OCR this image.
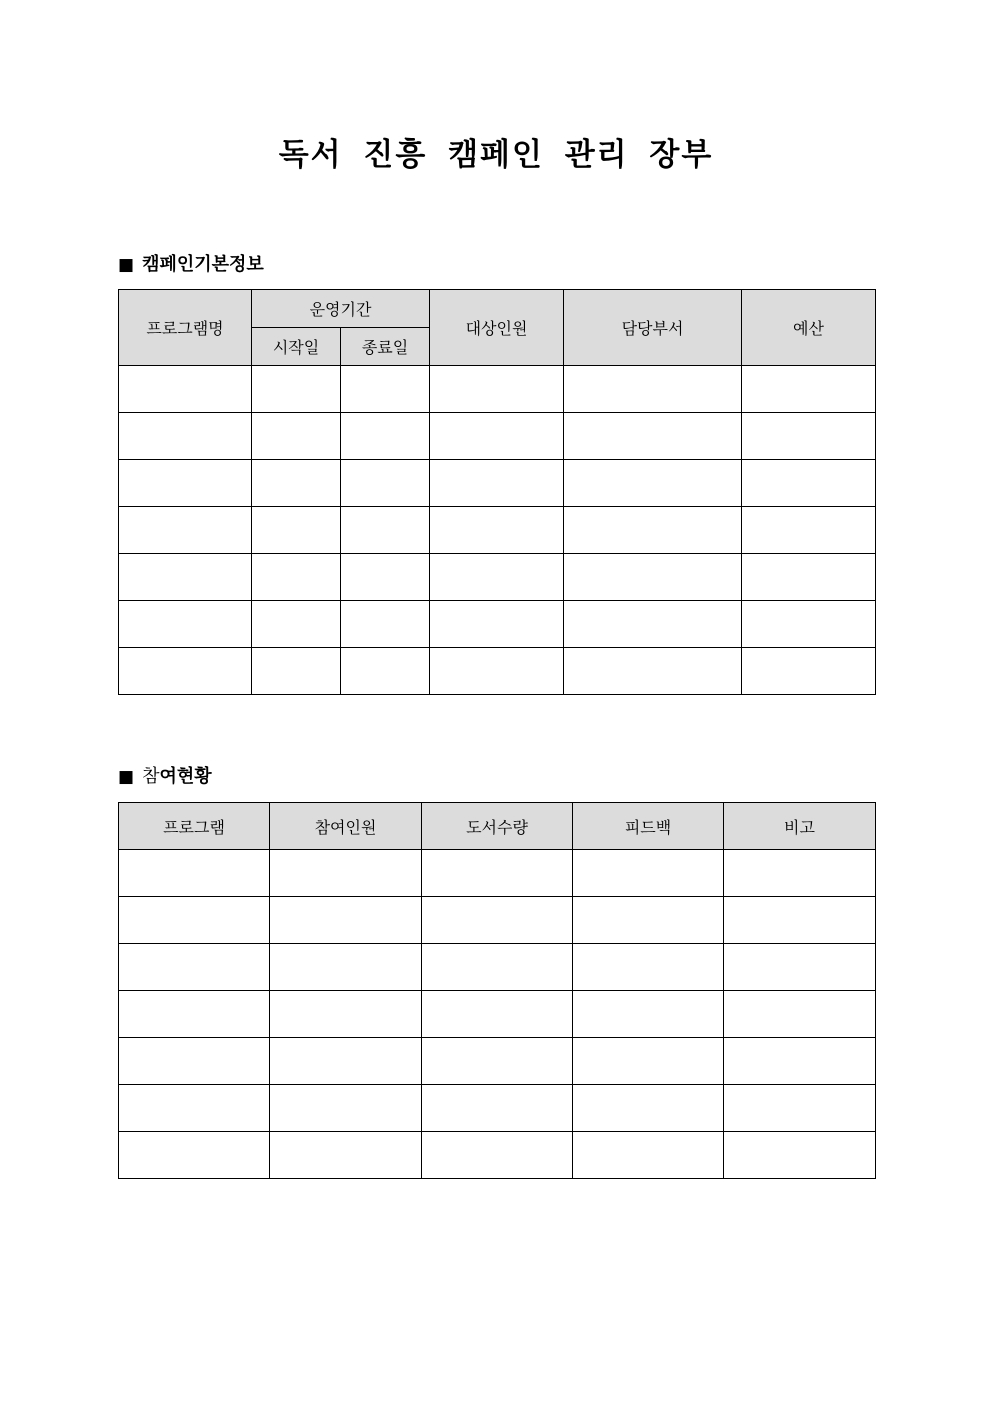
독서 진흥 캠페인 관리 장부
■ 캠페인기본정보
프로그램명	운영기간		대상인원	담당부서	예산
	시작일	종료일			

■ 참여현황
프로그램	참여인원	도서수량	피드백	비고
